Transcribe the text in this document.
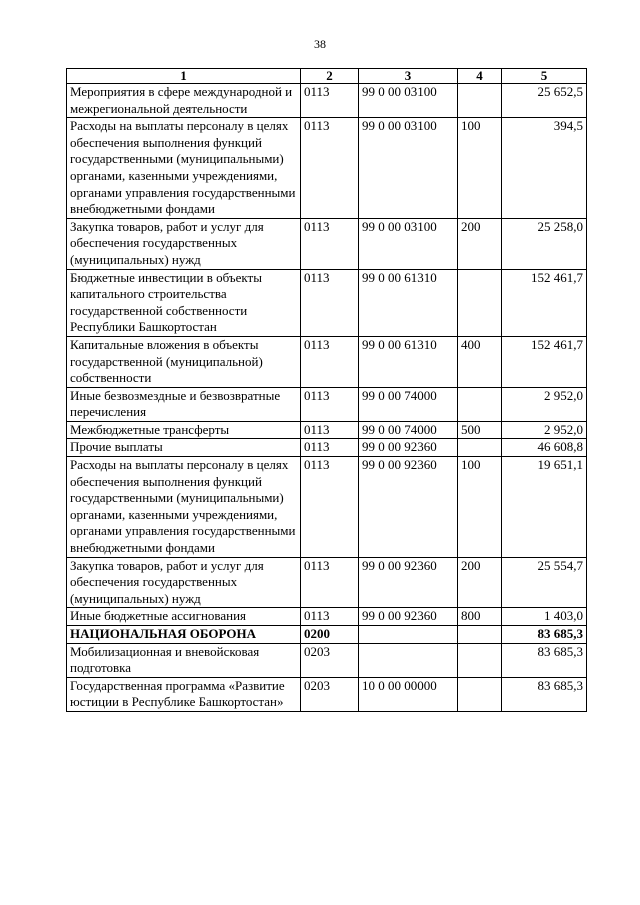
38
1	2	3	4	5
Мероприятия в сфере международной и межрегиональной деятельности	0113	99 0 00 03100		25 652,5
Расходы на выплаты персоналу в целях обеспечения выполнения функций государственными (муниципальными) органами, казенными учреждениями, органами управления государственными внебюджетными фондами	0113	99 0 00 03100	100	394,5
Закупка товаров, работ и услуг для обеспечения государственных (муниципальных) нужд	0113	99 0 00 03100	200	25 258,0
Бюджетные инвестиции в объекты капитального строительства государственной собственности Республики Башкортостан	0113	99 0 00 61310		152 461,7
Капитальные вложения в объекты государственной (муниципальной) собственности	0113	99 0 00 61310	400	152 461,7
Иные безвозмездные и безвозвратные перечисления	0113	99 0 00 74000		2 952,0
Межбюджетные трансферты	0113	99 0 00 74000	500	2 952,0
Прочие выплаты	0113	99 0 00 92360		46 608,8
Расходы на выплаты персоналу в целях обеспечения выполнения функций государственными (муниципальными) органами, казенными учреждениями, органами управления государственными внебюджетными фондами	0113	99 0 00 92360	100	19 651,1
Закупка товаров, работ и услуг для обеспечения государственных (муниципальных) нужд	0113	99 0 00 92360	200	25 554,7
Иные бюджетные ассигнования	0113	99 0 00 92360	800	1 403,0
НАЦИОНАЛЬНАЯ ОБОРОНА	0200			83 685,3
Мобилизационная и вневойсковая подготовка	0203			83 685,3
Государственная программа «Развитие юстиции в Республике Башкортостан»	0203	10 0 00 00000		83 685,3
